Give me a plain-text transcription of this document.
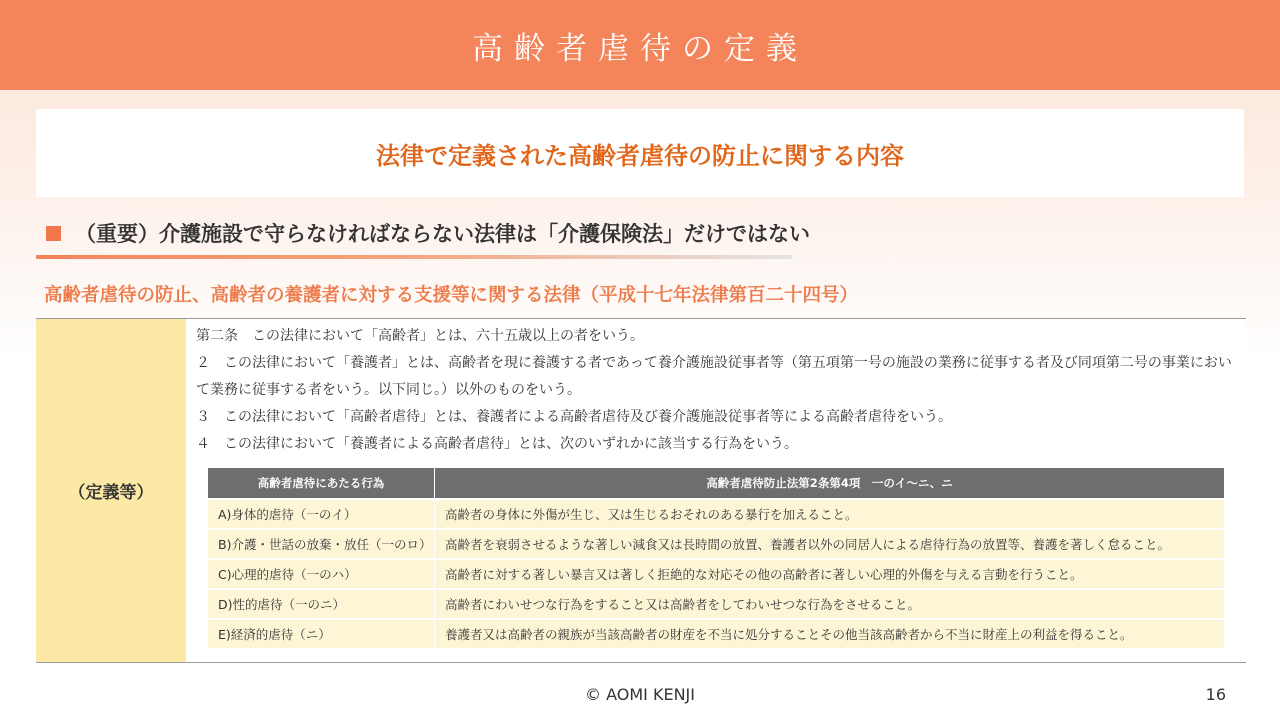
高齢者虐待の定義
法律で定義された高齢者虐待の防止に関する内容
（重要）介護施設で守らなければならない法律は「介護保険法」だけではない
高齢者虐待の防止、高齢者の養護者に対する支援等に関する法律（平成十七年法律第百二十四号）
（定義等）

第二条　この法律において「高齢者」とは、六十五歳以上の者をいう。

２　この法律において「養護者」とは、高齢者を現に養護する者であって養介護施設従事者等（第五項第一号の施設の業務に従事する者及び同項第二号の事業において業務に従事する者をいう。以下同じ。）以外のものをいう。

３　この法律において「高齢者虐待」とは、養護者による高齢者虐待及び養介護施設従事者等による高齢者虐待をいう。

４　この法律において「養護者による高齢者虐待」とは、次のいずれかに該当する行為をいう。

高齢者虐待にあたる行為	高齢者虐待防止法第2条第4項　一のイ～ニ、ニ
A)身体的虐待（一のイ）	高齢者の身体に外傷が生じ、又は生じるおそれのある暴行を加えること。
B)介護・世話の放棄・放任（一のロ）	高齢者を衰弱させるような著しい減食又は長時間の放置、養護者以外の同居人による虐待行為の放置等、養護を著しく怠ること。
C)心理的虐待（一のハ）	高齢者に対する著しい暴言又は著しく拒絶的な対応その他の高齢者に著しい心理的外傷を与える言動を行うこと。
D)性的虐待（一のニ）	高齢者にわいせつな行為をすること又は高齢者をしてわいせつな行為をさせること。
E)経済的虐待（ニ）	養護者又は高齢者の親族が当該高齢者の財産を不当に処分することその他当該高齢者から不当に財産上の利益を得ること。
© AOMI KENJI	16
